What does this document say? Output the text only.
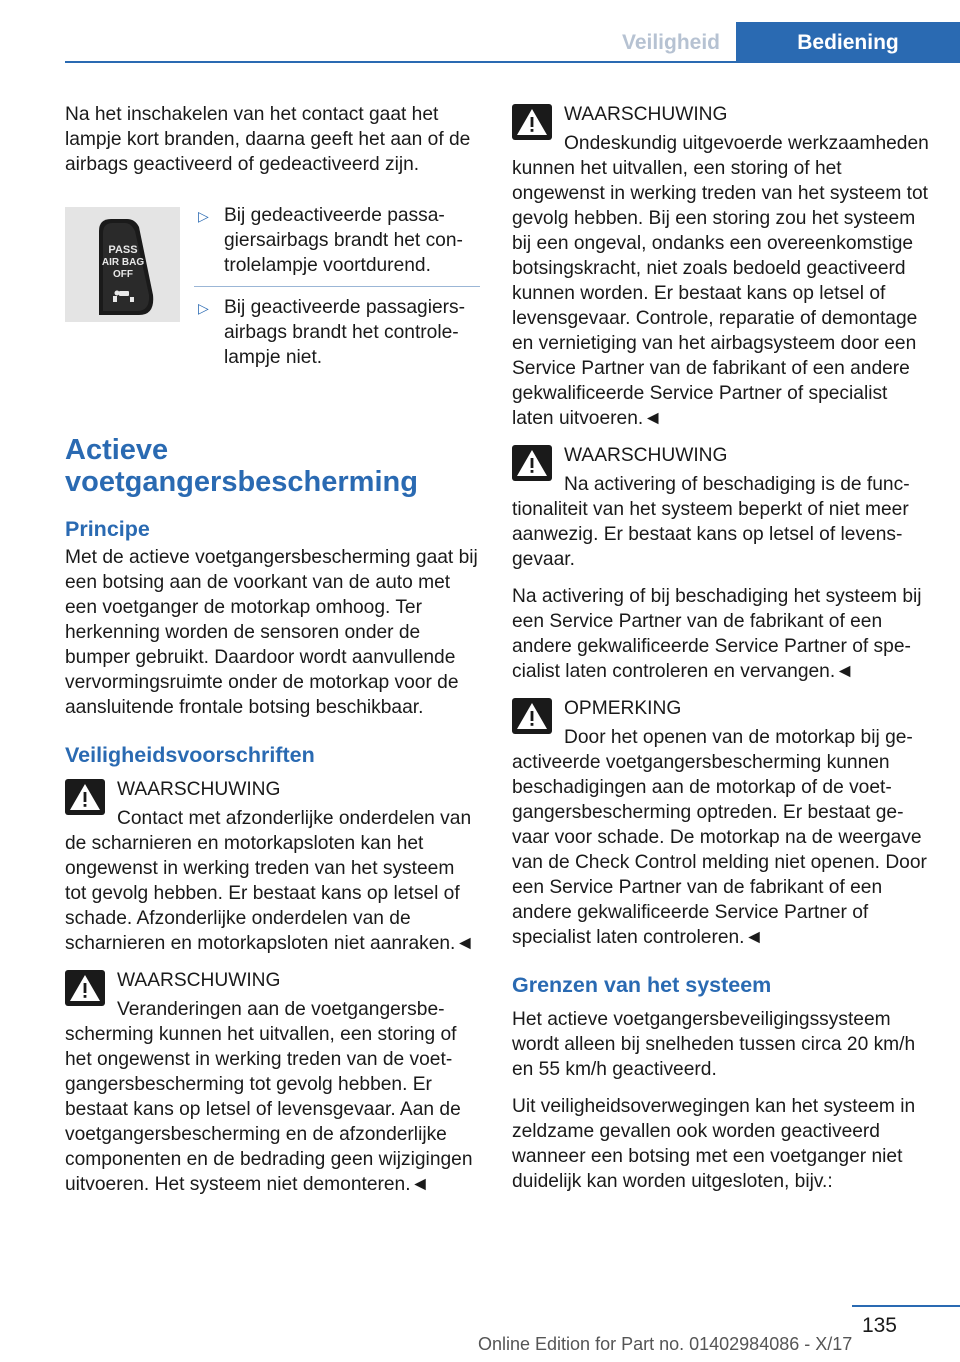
Veiligheid	Bediening

Na het inschakelen van het contact gaat het lampje kort branden, daarna geeft het aan of de airbags geactiveerd of gedeactiveerd zijn.

PASS
AIR BAG
OFF
▷ Bij gedeactiveerde passagiersairbags brandt het controlelampje voortdurend.
▷ Bij geactiveerde passagiersairbags brandt het controlelampje niet.
Actieve voetgangersbescherming
Principe

Met de actieve voetgangersbescherming gaat bij een botsing aan de voorkant van de auto met een voetganger de motorkap omhoog. Ter herkenning worden de sensoren onder de bumper gebruikt. Daardoor wordt aanvullende vervormingsruimte onder de motorkap voor de aansluitende frontale botsing beschikbaar.

Veiligheidsvoorschriften
WAARSCHUWING
Contact met afzonderlijke onderdelen van de scharnieren en motorkapsloten kan het ongewenst in werking treden van het systeem tot gevolg hebben. Er bestaat kans op letsel of schade. Afzonderlijke onderdelen van de scharnieren en motorkapsloten niet aanraken.◄
WAARSCHUWING
Veranderingen aan de voetgangersbescherming kunnen het uitvallen, een storing of het ongewenst in werking treden van de voetgangersbescherming tot gevolg hebben. Er bestaat kans op letsel of levensgevaar. Aan de voetgangersbescherming en de afzonderlijke componenten en de bedrading geen wijzigingen uitvoeren. Het systeem niet demonteren.◄
WAARSCHUWING
Ondeskundig uitgevoerde werkzaamheden kunnen het uitvallen, een storing of het ongewenst in werking treden van het systeem tot gevolg hebben. Bij een storing zou het systeem bij een ongeval, ondanks een overeenkomstige botsingskracht, niet zoals bedoeld geactiveerd kunnen worden. Er bestaat kans op letsel of levensgevaar. Controle, reparatie of demontage en vernietiging van het airbagsysteem door een Service Partner van de fabrikant of een andere gekwalificeerde Service Partner of specialist laten uitvoeren.◄
WAARSCHUWING
Na activering of beschadiging is de functionaliteit van het systeem beperkt of niet meer aanwezig. Er bestaat kans op letsel of levensgevaar.

Na activering of bij beschadiging het systeem bij een Service Partner van de fabrikant of een andere gekwalificeerde Service Partner of specialist laten controleren en vervangen.◄

OPMERKING
Door het openen van de motorkap bij geactiveerde voetgangersbescherming kunnen beschadigingen aan de motorkap of de voetgangersbescherming optreden. Er bestaat gevaar voor schade. De motorkap na de weergave van de Check Control melding niet openen. Door een Service Partner van de fabrikant of een andere gekwalificeerde Service Partner of specialist laten controleren.◄
Grenzen van het systeem

Het actieve voetgangersbeveiligingssysteem wordt alleen bij snelheden tussen circa 20 km/h en 55 km/h geactiveerd.

Uit veiligheidsoverwegingen kan het systeem in zeldzame gevallen ook worden geactiveerd wanneer een botsing met een voetganger niet duidelijk kan worden uitgesloten, bijv.:

135
Online Edition for Part no. 01402984086 - X/17
